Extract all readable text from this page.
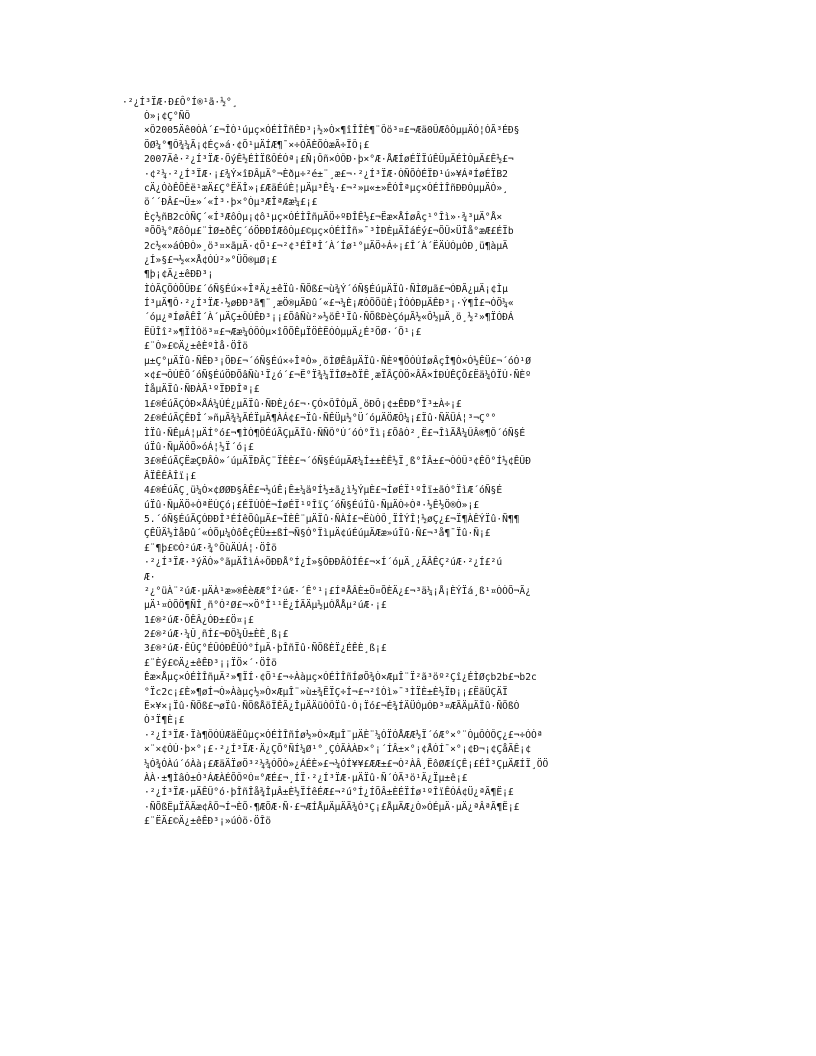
·²¿Í³ÏÆ·Ð£Ô°Í®¹ã·½°¸
Ò»¡¢Ç°ÑÔ
×Ô2005Äê0ÒÀ´£¬ÎÒ¹úµç×ÓÉÌÎñÊÐ³¡½»Ò×¶îÎÎÈ¶¨Ôö³¤£¬Æä0ÛÆôÒµµÄÓ¦ÓÃ³ÉÐ§
ÖØ¼°¶Ô¾¼Ã¡¢Éç»á·¢Õ¹µÄÍÆ¶¯×÷ÓÃÈÕÒæÃ÷ÏÔ¡£
2007Äê·²¿Í³ÏÆ·ÕýÊ½ÉÌÏßÔÉÓª¡£Ñ¡Ôñ×ÓÔÐ·þ×°Æ·ÅÆÍøÉÏÏúÊÛµÄÉÌÒµÄ£Ê½£¬
·¢²¼·²¿Í³ÏÆ·¡£¾Ý×îÐÂµÄ°¬Èðµ÷²é±¨¸æ£¬·²¿Í³ÏÆ·ÒÑÕÒÉÏÐ¹ú»¥ÁªÍøÉÏB2
cÄ¿ÓòÊÕÈë¹æÄ£Ç°ËÄÎ»¡£ÆäÉúÈ¦µÄµ³Ê¼·£¬²»µ«±»ÊÓÎªµç×ÓÉÌÎñÐÐÒµµÄÒ»¸
ö´´ÐÂ£¬Ü±»´«Í³·þ×°Òµ³ÆÎªÆæ¼£¡£
Èç½ñB2cÒÑÇ´«Í³ÆôÒµ¡¢ô¹µç×ÓÉÌÎñµÄÖ÷ºÐÎÊ½£¬Ëæ×ÅÍøÂç¹°Îì»·¾³µÄ°Å×
ªÕÕ¼°ÆôÒµ£¨ÌØ±ðÊÇ´óÖÐÐÍÆôÒµ£©µç×ÓÉÌÎñ»¯³ÌÐÈµÄÎáÉý£¬ÕÛ×ÜÎå°æÆ£ÉÏb
2c½«»áÓÐÒ»¸ö³¤×ãµÄ·¢Õ¹£¬²¢³ÉÎªÎ´À´Íø¹°µÄÖ÷Á÷¡£Î´À´ËÄÚÓµÓÐ¸ü¶àµÄ
¿Í»§£¬½«×Å¢ÓÚ²»°ÜÖ®µØ¡£
¶þ¡¢Ä¿±êÐÐ³¡
ÌÒÃÇÕÒÕÛÐ£´óÑ§Éú×÷ÎªÄ¿±êÏû·ÑÕß£¬ù¾Ý´óÑ§ÉúµÄÏû·ÑÌØµã£¬ÓÐÃ¿µÄ¡¢Ìµ
Í³µÄ¶Ô·²¿Í³ÏÆ·½øÐÐ³ã¶¨¸æÖ®µÄÐû´«£¬¼È¡ÆÒÕÕüÈ¡ÎÓÓÐµÄÊÐ³¡·Ý¶Î£¬ÓÖ¼«
´óµ¿ªÍøÂÊÎ´À´µÄÇ±ÔÚÊÐ³¡¡£ÕâÑù²»½öÊ¹Ïû·ÑÕßÐèÇóµÃ½«Ô½µÄ¸ö¸½²»¶ÏÓÐÁ
ËÛÎî²»¶ÏÌÓö³¤£¬Ææ¼ÓÔÒµ×îÕÕÊµÏÖÈËÓÒµµÄ¿É³ÖØ·´Õ¹¡£
£¨Ò»£©Ä¿±êÈºÌå·ÖÎö
µ±Ç°µÄÏû·ÑÊÐ³¡ÖÐ£¬´óÑ§Éú×÷ÎªÒ»¸öÌØÊâµÄÏû·ÑÈº¶ÔÓÚÍøÂçÎ¶Ò×Ó½ÊÜ£¬´óÓ¹Ø
×¢£¬ÔÚÈÕ´óÑ§ÉúÖÐÕâÑù¹Ï¿ó´£¬Ë°Ï¾¼ÏÎØ±ðÏÊ¸æÏÂÇÒÖ×ÂÃ×ÍÐÚÊÇÕ£Ëä¼ÒÏÚ·ÑÈº
ÌåµÄÏû·ÑÐÀÃ¹ºÏÐÐÎª¡£
1£®ÉúÃÇÓÐ×ÅÁ¼ÚÉ¿µÄÏû·ÑÐÈ¿ó£¬·ÇÓ×ÔÎÒµÄ¸öÐÔ¡¢±ÊÐÐ°Ï³±À÷¡£
2£®ÉúÃÇÊÐÎ´»ñµÃ¾¼ÃÉÏµÄ¶ÀÁ¢£¬Ïû·ÑÊÜµ½°Ü´óµÄÖÆÔ¼¡£Ïû·ÑÄÜÁ¦³¬Ç°°
ÌÏû·ÑÊµÁ¦µÄÍ°ó£¬¶ÌÒ¶ÔÉúÃÇµÄÏû·ÑÑÔ°Ú´óÓ°Ïì¡£ÕâÒ²¸Ë£¬ÎìÃÅ¼ÛÂ®¶Ô´óÑ§É
úÏû·ÑµÄÓÕ»óÁ¦½Ï´ó¡£
3£®ÉúÃÇËæÇÐÂÒ»´úµÄÏÐÂÇ¨ÏÈÈ£¬´óÑ§ÉúµÄÆ¼Í±±ÈÊ½Ï¸ß°ÎÂ±£¬ÒÓÛ³¢ÊÔ°Í½¢ÊÛÐ
ÂÏÊÊÂÎï¡£
4£®ÉúÃÇ¸ü¼Ó×¢ØØÐ§ÂÊ£¬½úÊ¡Ê±¼äºÍ½±ã¿ì½ÝµÈ£¬ÍøÉÏ¹ºÎï±ãÓ°ÏìÆ´óÑ§É
úÏû·ÑµÄÖ÷ÒªËÙÇó¡£ÉÏÚÒÉ¬ÍøÉÏ¹ºÎïÇ´óÑ§ÉúÏû·ÑµÄÒ÷Òª·½Ê½Ö®Ò»¡£
5.´óÑ§ÉúÃÇÓÐÐÎ³ÉÍêÕûµÄ£¬ÎÈÊ¨µÄÏû·ÑÀÍ£¬ËùÒÔ¸ÏÎÝÎ¦½øÇ¿£¬Ï¶ÀÊÝÏû·Ñ¶¶
ÇÊÜÄ½ÌåÐû´«ÓÕµ¼ÒôÊçÊÜ±±ßÍ¬Ñ§Ó°ÏìµÄ¢úÉúµÄÆæ»úÏû·Ñ£¬³å¶¯Ïû·Ñ¡£
£¨¶þ£©Ó²úÆ·¾°ÕùÄÚÁ¦·ÖÎö
·²¿Í³ÏÆ·³ýÄÒ»°ãµÄÎìÁ÷ÖÐÐÅ°Í¿Í»§ÔÐÐÂÒÍÉ£¬×Í´óµÄ¸¿ÃÂÊÇ²úÆ·²¿Í£²ú
Æ·
²¿°üÀ¨²úÆ·µÄÀ¹æ»®ÉèÆÆ°Í²úÆ·´Ê°¹¡£ÍªÅÂÈ±Ö¤ÕÈÄ¿£¬³ä¼¡Å¡ÈÝÏá¸ß¹¤ÒÒÕ¬Ã¿
µÄ¹¤ÒÕÖ¶ÑÎ¸ñ°Ó²Ø£¬×Ö°Î¹¹Ë¿ÍÃÄµ½µÓÅÅµ²úÆ·¡£
1£®²úÆ·ÕÊÂ¿ÓÐ±£Ö¤¡£
2£®²úÆ·¼Û¸ñÍ£¬ÐÔ¼Û±ÈÈ¸ß¡£
3£®²úÆ·ÊÛÇ°ÉÛÓÐÊÛÓ°ÍµÄ·þÎñÏû·ÑÕßÈÏ¿ÉÊÈ¸ß¡£
£¨Èý£©Ä¿±êÊÐ³¡¡ÏÖ×´·ÖÎö
Êæ×Åµç×ÓÉÌÎñµÄ²»¶ÏÍ·¢Õ¹£¬÷Ààµç×ÓÉÌÎñÍøÕ¾Ò×ÆµÎ¨Ï²ã³öº²Çî¿ÉÌØçb2b£¬b2c
°Ïc2c¡£È»¶øÍ¬Ò»Ààµç½»Ò×ÆµÎ¨»ù±¾ËÏÇ÷Í¬£¬²îÒì»¯³ÌÏÈ±È½ÏÐ¡¡£ËäÜÇÄÏ
Ë×¥×¡Ïû·ÑÕß£¬øÏû·ÑÕßÅöÏÊÃ¿ÎµÄÄüÒÔÏû·Ó¡Ïó£¬É¾ÍÄÜÓµÓÐ³¤ÆÃÄµÄÏû·ÑÕßÒ
Ò³Ï¶È¡£
·²¿Í³ÏÆ·Ïà¶ÔÓÚÆäËûµç×ÓÉÌÎñÍø½»Ò×ÆµÎ¨µÄÈ¨¼ÓÏÓÅÆÆ½Ï´óÆ°×°¨ÒµÔÒÔÇ¿£¬÷ÓÒª
×¨×¢ÓÚ·þ×°¡£·²¿Í³ÏÆ·Ä¿ÇÕ°ÑÍ¼Ø¹°¸ÇÓÃÀÀÐ×°¡´ÍÂ±×°¡¢ÅÓÍ¯×°¡¢Ð¬¡¢ÇåÃÊ¡¢
¼Ó¾ÓÀú´óÀà¡£ÆäÄÏøÖ³²¼¾ÓÕÒ»¿ÁÉÈ»£¬¼ÓÍ¥¥£ÆÆ±£¬Ò²ÀÂ¸ËôØÆíÇÊ¡£ÉÎ³ÇµÄÆÍÏ¸ÖÖ
ÀÀ·±¶ÌâÒ±Ó³ÁÆÀÉÕÔºÓ¤°ÆÉ£¬¸ÍÏ·²¿Í³ÏÆ·µÄÏû·Ñ´ÓÃ³ö¹Ä¿Ïµ±ê¡£
·²¿Í³ÏÆ·µÄÊÛ°ó·þÎñÎå¾ÎµÂ±È½ÏÍêÉÆ£¬²ú°Í¿ÍÕÂ±ÈÉÏÍø¹ºÎïÊÓÁ¢Ü¿ªÃ¶Ë¡£
·ÑÕßËµÏÄÄæ¢ÂÕ¬Í¬ÈÕ·¶ÆÕÆ·Ñ·£¬ÆÍÅµÄµÄÃ¾Ó³Ç¡£ÅµÄÆ¿Ò»ÓÉµÄ·µÄ¿ªÂªÃ¶Ë¡£
£¨ËÄ£©Ä¿±êÊÐ³¡»úÓö·ÖÎö
